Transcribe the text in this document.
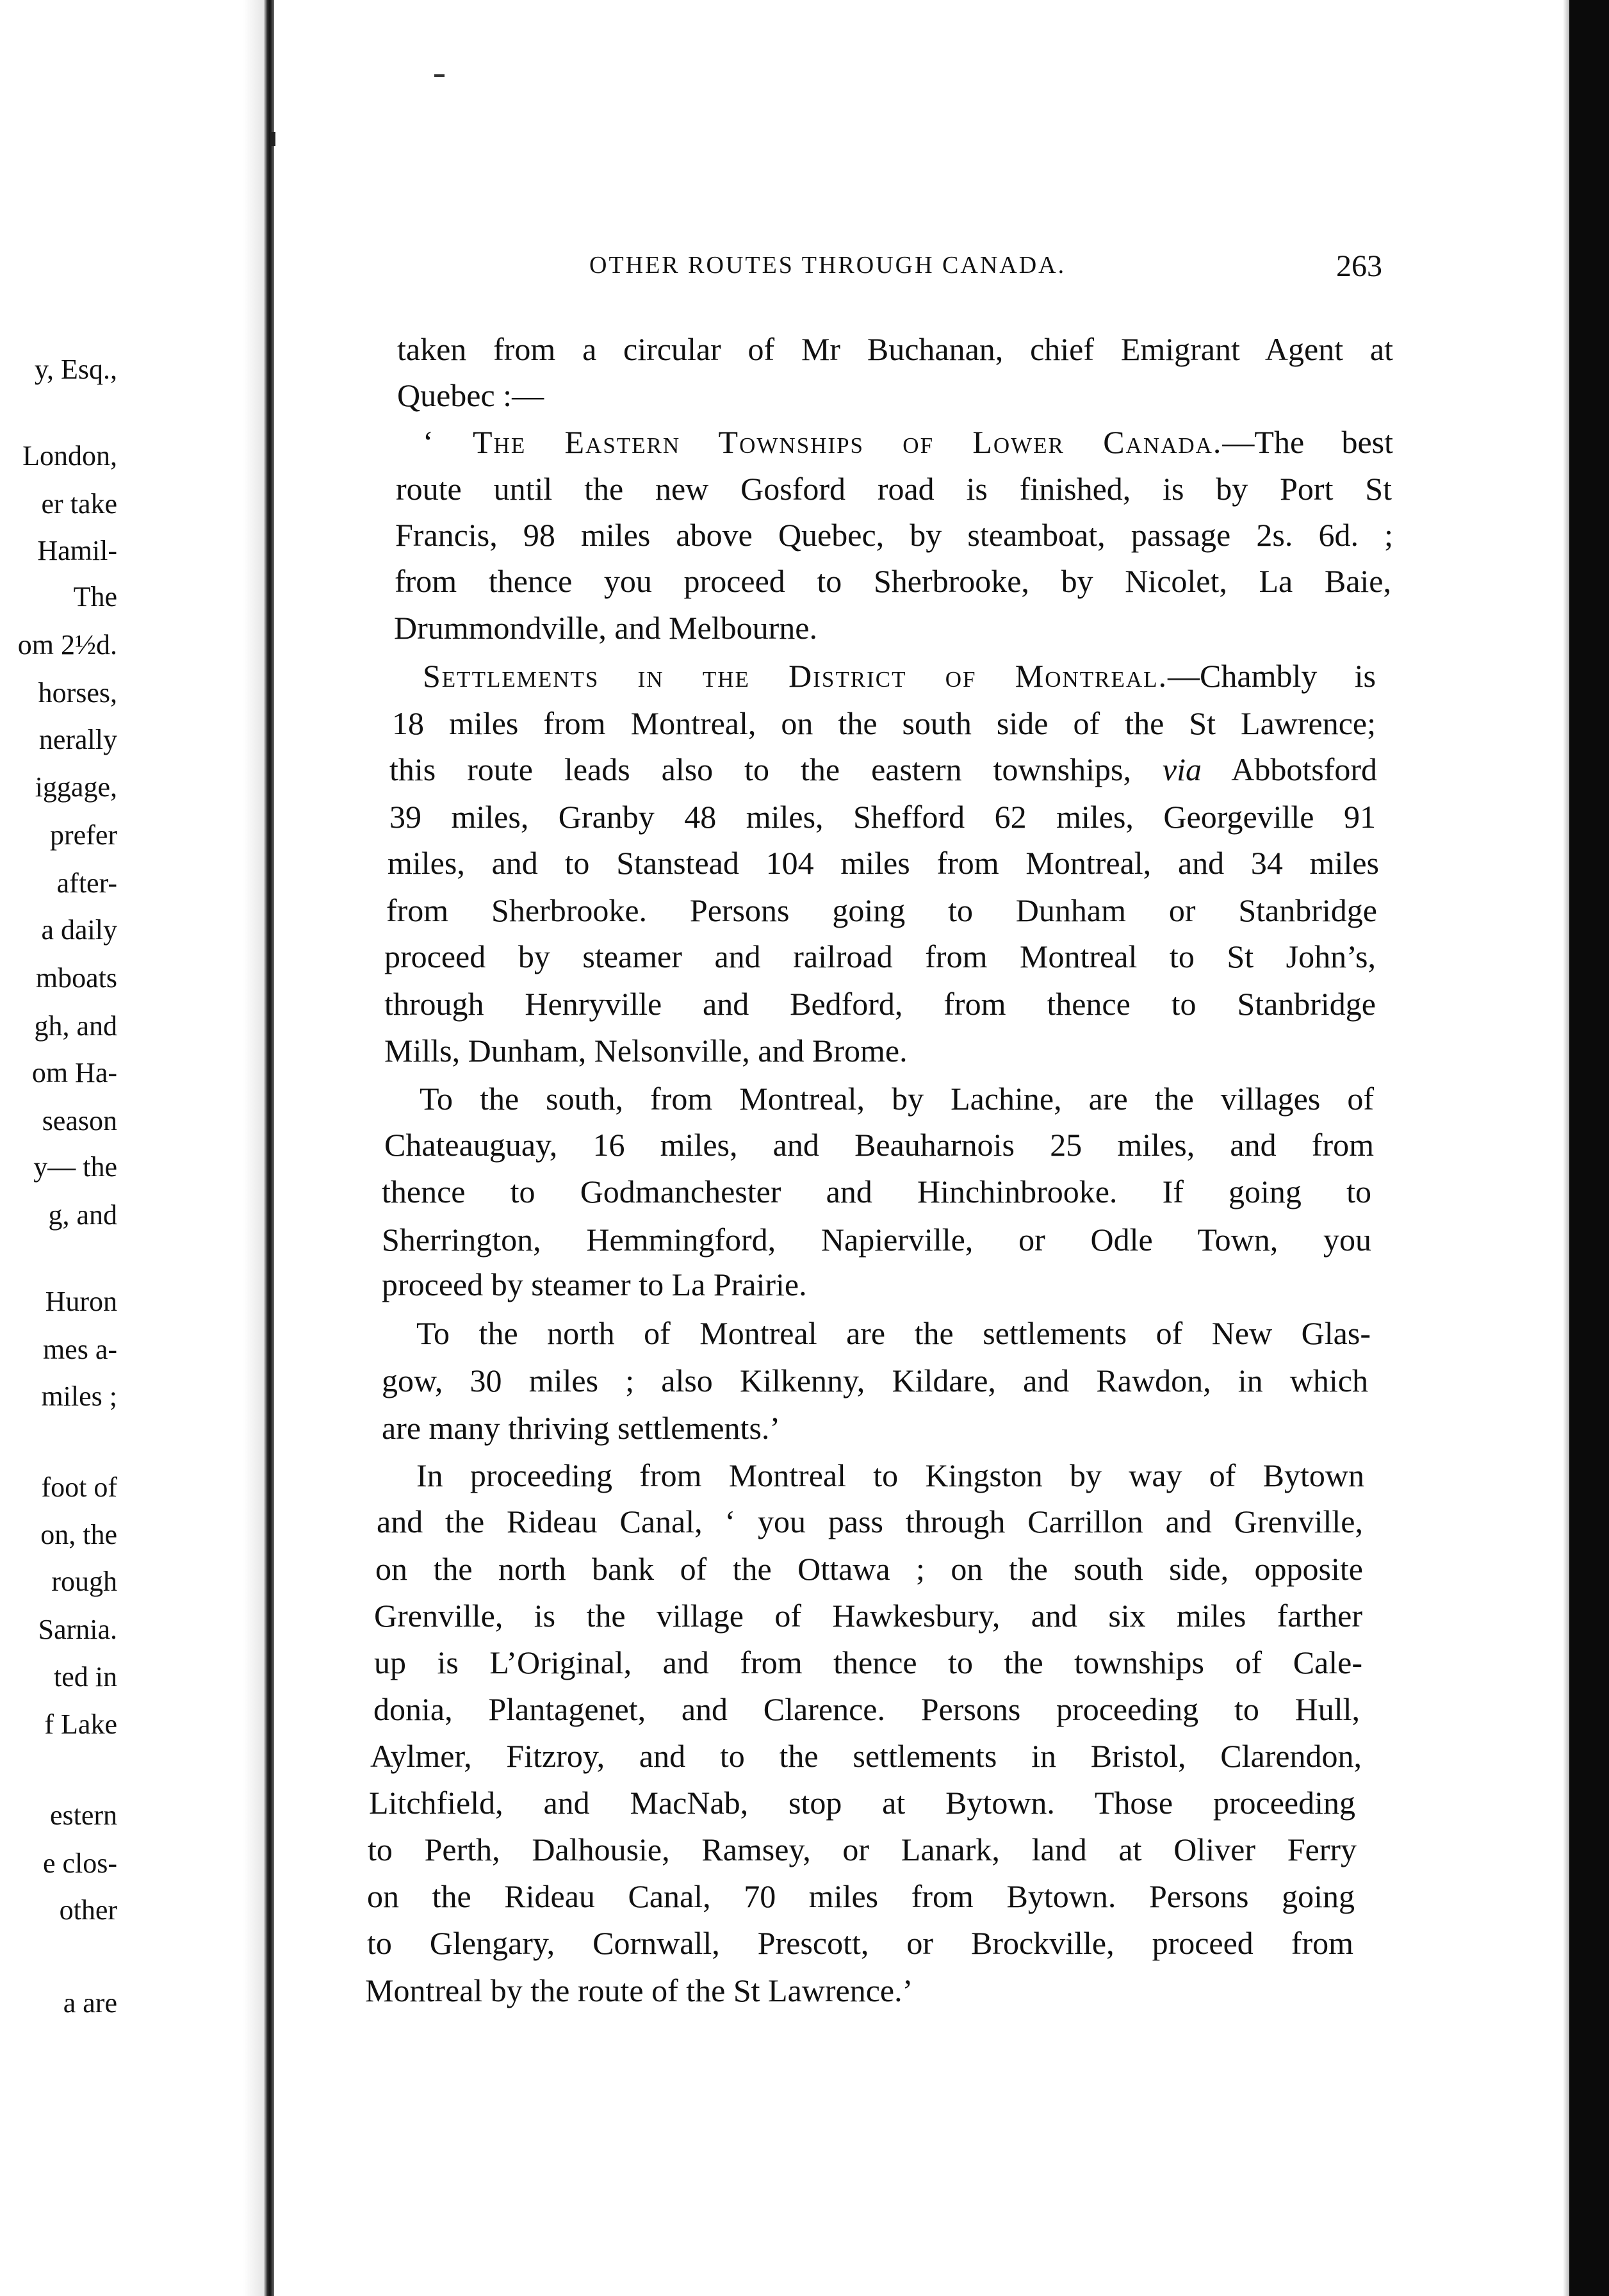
y, Esq.,
London,
er take
Hamil-
The
om 2½d.
horses,
nerally
iggage,
prefer
after-
a daily
mboats
gh, and
om Ha-
season
y— the
g, and
Huron
mes a-
miles ;
foot of
on, the
rough
Sarnia.
ted in
f Lake
estern
e clos-
other
a are
OTHER ROUTES THROUGH CANADA.	263
taken from a circular of Mr Buchanan, chief Emigrant Agent at
Quebec :—
‘ The Eastern Townships of Lower Canada.—The best
route until the new Gosford road is finished, is by Port St
Francis, 98 miles above Quebec, by steamboat, passage 2s. 6d. ;
from thence you proceed to Sherbrooke, by Nicolet, La Baie,
Drummondville, and Melbourne.
Settlements in the District of Montreal.—Chambly is
18 miles from Montreal, on the south side of the St Lawrence;
this route leads also to the eastern townships, via Abbotsford
39 miles, Granby 48 miles, Shefford 62 miles, Georgeville 91
miles, and to Stanstead 104 miles from Montreal, and 34 miles
from Sherbrooke. Persons going to Dunham or Stanbridge
proceed by steamer and railroad from Montreal to St John’s,
through Henryville and Bedford, from thence to Stanbridge
Mills, Dunham, Nelsonville, and Brome.
To the south, from Montreal, by Lachine, are the villages of
Chateauguay, 16 miles, and Beauharnois 25 miles, and from
thence to Godmanchester and Hinchinbrooke. If going to
Sherrington, Hemmingford, Napierville, or Odle Town, you
proceed by steamer to La Prairie.
To the north of Montreal are the settlements of New Glas-
gow, 30 miles ; also Kilkenny, Kildare, and Rawdon, in which
are many thriving settlements.’
In proceeding from Montreal to Kingston by way of Bytown
and the Rideau Canal, ‘ you pass through Carrillon and Grenville,
on the north bank of the Ottawa ; on the south side, opposite
Grenville, is the village of Hawkesbury, and six miles farther
up is L’Original, and from thence to the townships of Cale-
donia, Plantagenet, and Clarence. Persons proceeding to Hull,
Aylmer, Fitzroy, and to the settlements in Bristol, Clarendon,
Litchfield, and MacNab, stop at Bytown. Those proceeding
to Perth, Dalhousie, Ramsey, or Lanark, land at Oliver Ferry
on the Rideau Canal, 70 miles from Bytown. Persons going
to Glengary, Cornwall, Prescott, or Brockville, proceed from
Montreal by the route of the St Lawrence.’
